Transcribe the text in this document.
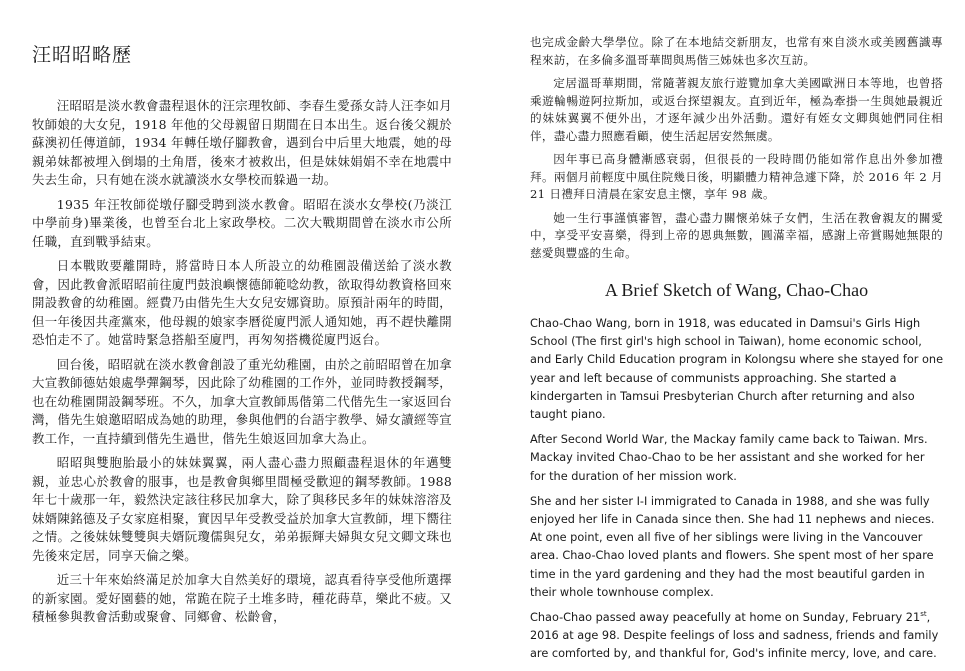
汪昭昭略歷

汪昭昭是淡水教會盡程退休的汪宗理牧師、李春生愛孫女詩人汪李如月牧師娘的大女兒，1918 年他的父母親留日期間在日本出生。返台後父親於蘇澳初任傳道師，1934 年轉任墩仔腳教會，遇到台中后里大地震，她的母親弟妹都被埋入倒塌的土角厝，後來才被救出，但是妹妹娟娟不幸在地震中失去生命，只有她在淡水就讀淡水女學校而躲過一劫。

1935 年汪牧師從墩仔腳受聘到淡水教會。昭昭在淡水女學校(乃淡江中學前身)畢業後，也曾至台北上家政學校。二次大戰期間曾在淡水市公所任職，直到戰爭結束。

日本戰敗要離開時，將當時日本人所設立的幼稚園設備送給了淡水教會，因此教會派昭昭前往廈門鼓浪嶼懷德師範唸幼教，欲取得幼教資格回來開設教會的幼稚園。經費乃由偕先生大女兒安娜資助。原預計兩年的時間，但一年後因共產黨來，他母親的娘家李曆從廈門派人通知她，再不趕快離開恐怕走不了。她當時緊急搭船至廈門，再匆匆搭機從廈門返台。

回台後，昭昭就在淡水教會創設了重光幼稚園，由於之前昭昭曾在加拿大宣教師德姑娘處學彈鋼琴，因此除了幼稚園的工作外，並同時教授鋼琴，也在幼稚園開設鋼琴班。不久，加拿大宣教師馬偕第二代偕先生一家返回台灣，偕先生娘邀昭昭成為她的助理，參與他們的台語宇教學、婦女讀經等宣教工作，一直持續到偕先生過世，偕先生娘返回加拿大為止。

昭昭與雙胞胎最小的妹妹翼翼，兩人盡心盡力照顧盡程退休的年邁雙親，並忠心於教會的服事，也是教會與鄉里間極受歡迎的鋼琴教師。1988 年七十歲那一年，毅然決定該往移民加拿大，除了與移民多年的妹妹溶溶及妹婿陳銘德及子女家庭相聚，實因早年受教受益於加拿大宣教師，埋下嚮往之情。之後妹妹雙雙與夫婿阮瓊儒與兒女，弟弟振輝夫婦與女兒文卿文珠也先後來定居，同享天倫之樂。

近三十年來始終滿足於加拿大自然美好的環境，認真看待享受他所選擇的新家園。愛好園藝的她，常跪在院子土堆多時，種花蒔草，樂此不疲。又積極參與教會活動或聚會、同鄉會、松齡會，

也完成金齡大學學位。除了在本地結交新朋友，也常有來自淡水或美國舊識專程來訪，在多倫多溫哥華間與馬偕三姊妹也多次互訪。

定居溫哥華期間，常隨著親友旅行遊覽加拿大美國歐洲日本等地，也曾搭乘遊輪暢遊阿拉斯加，或返台探望親友。直到近年，極為牽掛一生與她最親近的妹妹翼翼不便外出，才逐年減少出外活動。還好有姪女文卿與她們同住相伴，盡心盡力照應看顧，使生活起居安然無虞。

因年事已高身體漸感衰弱，但很長的一段時間仍能如常作息出外參加禮拜。兩個月前輕度中風住院幾日後，明顯體力精神急遽下降，於 2016 年 2 月 21 日禮拜日清晨在家安息主懷，享年 98 歲。

她一生行事謹慎審智，盡心盡力關懷弟妹子女們，生活在教會親友的關愛中，享受平安喜樂，得到上帝的恩典無數，圓滿幸福，感謝上帝賞賜她無限的慈愛與豐盛的生命。

A Brief Sketch of Wang, Chao-Chao

Chao-Chao Wang, born in 1918, was educated in Damsui's Girls High School (The first girl's high school in Taiwan), home economic school, and Early Child Education program in Kolongsu where she stayed for one year and left because of communists approaching. She started a kindergarten in Tamsui Presbyterian Church after returning and also taught piano.

After Second World War, the Mackay family came back to Taiwan. Mrs. Mackay invited Chao-Chao to be her assistant and she worked for her for the duration of her mission work.

She and her sister I-I immigrated to Canada in 1988, and she was fully enjoyed her life in Canada since then. She had 11 nephews and nieces. At one point, even all five of her siblings were living in the Vancouver area. Chao-Chao loved plants and flowers. She spent most of her spare time in the yard gardening and they had the most beautiful garden in their whole townhouse complex.

Chao-Chao passed away peacefully at home on Sunday, February 21st, 2016 at age 98. Despite feelings of loss and sadness, friends and family are comforted by, and thankful for, God's infinite mercy, love, and care.
